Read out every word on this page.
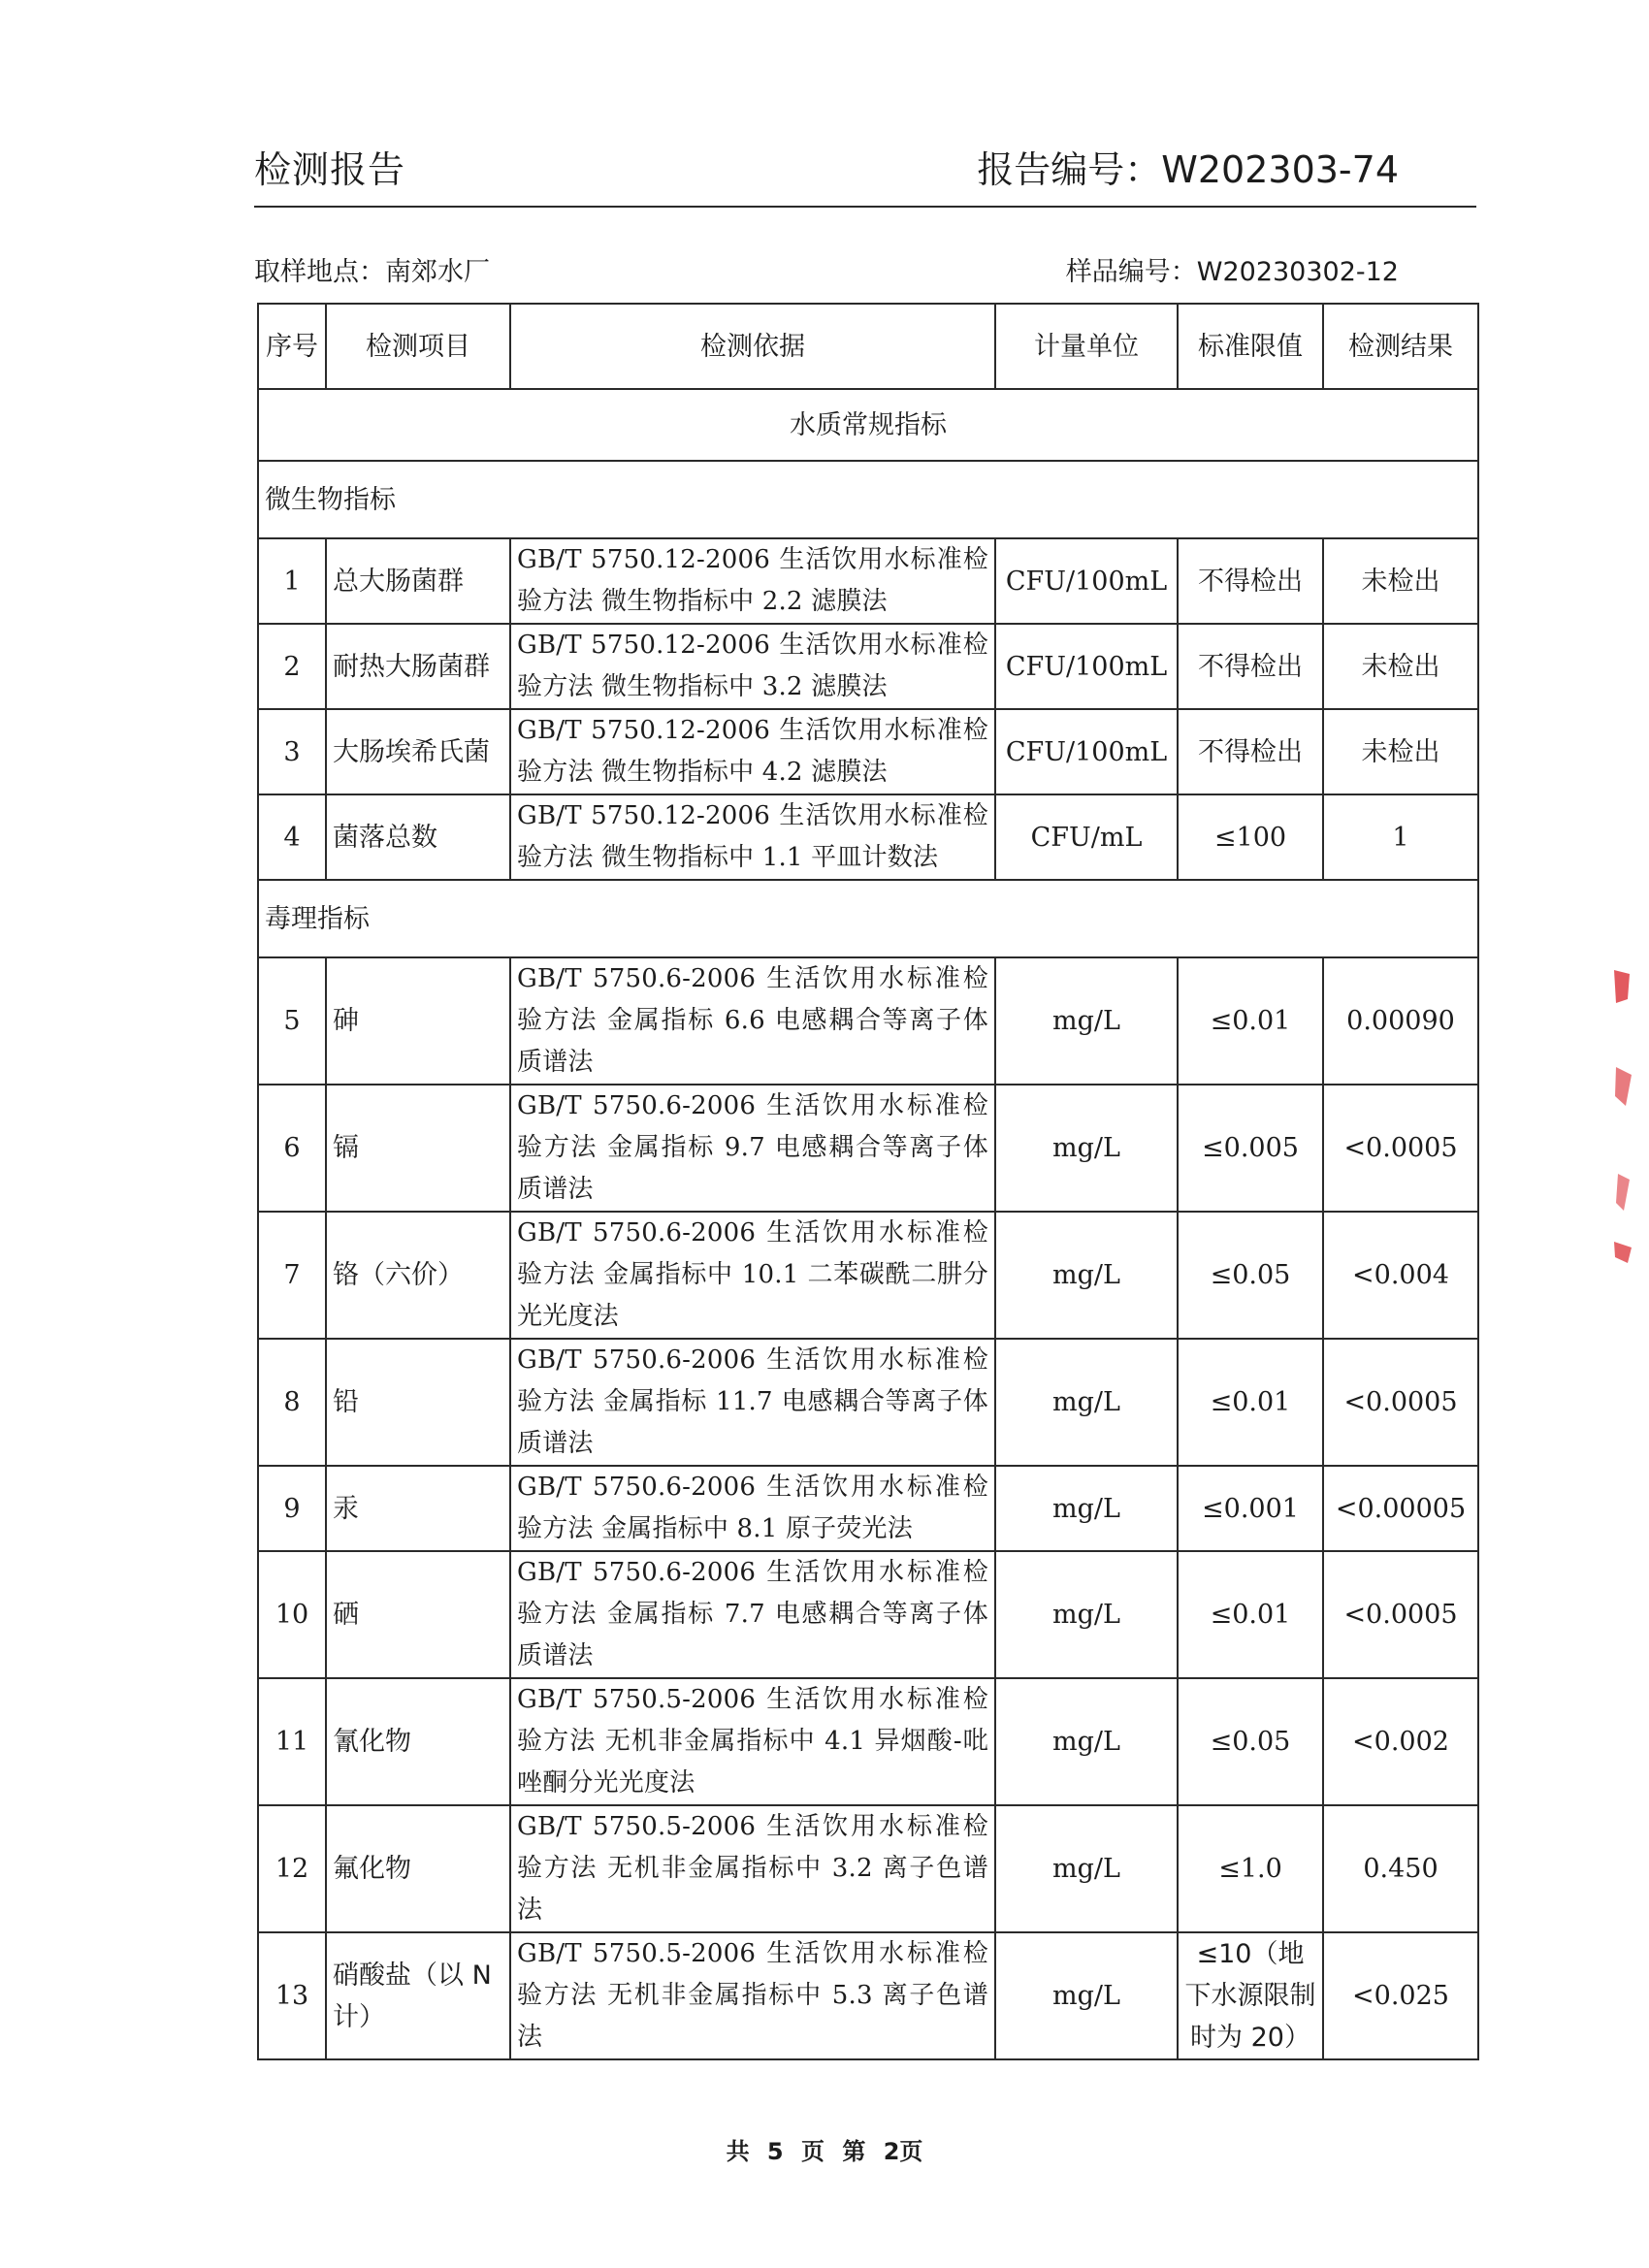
检测报告	报告编号：W202303-74
取样地点：南郊水厂	样品编号：W20230302-12
序号	检测项目	检测依据	计量单位	标准限值	检测结果
水质常规指标					
微生物指标					
1	总大肠菌群	GB/T 5750.12-2006 生活饮用水标准检验方法 微生物指标中 2.2 滤膜法	CFU/100mL	不得检出	未检出
2	耐热大肠菌群	GB/T 5750.12-2006 生活饮用水标准检验方法 微生物指标中 3.2 滤膜法	CFU/100mL	不得检出	未检出
3	大肠埃希氏菌	GB/T 5750.12-2006 生活饮用水标准检验方法 微生物指标中 4.2 滤膜法	CFU/100mL	不得检出	未检出
4	菌落总数	GB/T 5750.12-2006 生活饮用水标准检验方法 微生物指标中 1.1 平皿计数法	CFU/mL	≤100	1
毒理指标					
5	砷	GB/T 5750.6-2006 生活饮用水标准检验方法 金属指标 6.6 电感耦合等离子体质谱法	mg/L	≤0.01	0.00090
6	镉	GB/T 5750.6-2006 生活饮用水标准检验方法 金属指标 9.7 电感耦合等离子体质谱法	mg/L	≤0.005	<0.0005
7	铬（六价）	GB/T 5750.6-2006 生活饮用水标准检验方法 金属指标中 10.1 二苯碳酰二肼分光光度法	mg/L	≤0.05	<0.004
8	铅	GB/T 5750.6-2006 生活饮用水标准检验方法 金属指标 11.7 电感耦合等离子体质谱法	mg/L	≤0.01	<0.0005
9	汞	GB/T 5750.6-2006 生活饮用水标准检验方法 金属指标中 8.1 原子荧光法	mg/L	≤0.001	<0.00005
10	硒	GB/T 5750.6-2006 生活饮用水标准检验方法 金属指标 7.7 电感耦合等离子体质谱法	mg/L	≤0.01	<0.0005
11	氰化物	GB/T 5750.5-2006 生活饮用水标准检验方法 无机非金属指标中 4.1 异烟酸-吡唑酮分光光度法	mg/L	≤0.05	<0.002
12	氟化物	GB/T 5750.5-2006 生活饮用水标准检验方法 无机非金属指标中 3.2 离子色谱法	mg/L	≤1.0	0.450
13	硝酸盐（以 N 计）	GB/T 5750.5-2006 生活饮用水标准检验方法 无机非金属指标中 5.3 离子色谱法	mg/L	≤10（地下水源限制时为 20）	<0.025
共 5 页 第 2页
